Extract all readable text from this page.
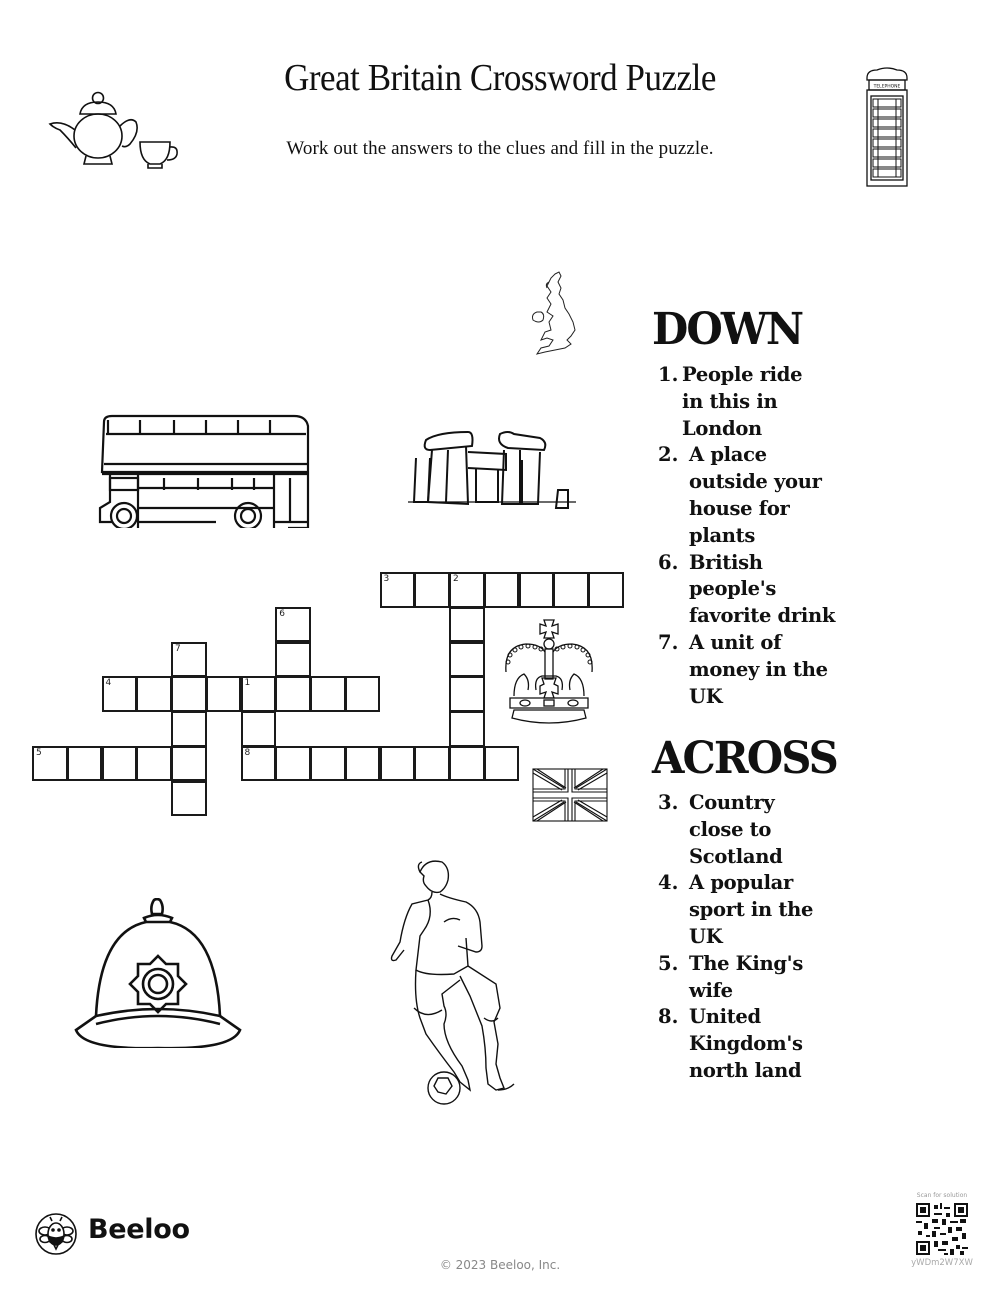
Great Britain Crossword Puzzle
Work out the answers to the clues and fill in the puzzle.
TELEPHONE
3	2
6
7
4	1
5	8
DOWN
1. People ride in this in London
2. A place outside your house for plants
6. British people's favorite drink
7. A unit of money in the UK
ACROSS
3. Country close to Scotland
4. A popular sport in the UK
5. The King's wife
8. United Kingdom's north land
Beeloo
© 2023 Beeloo, Inc.
Scan for solution
yWDm2W7XW
